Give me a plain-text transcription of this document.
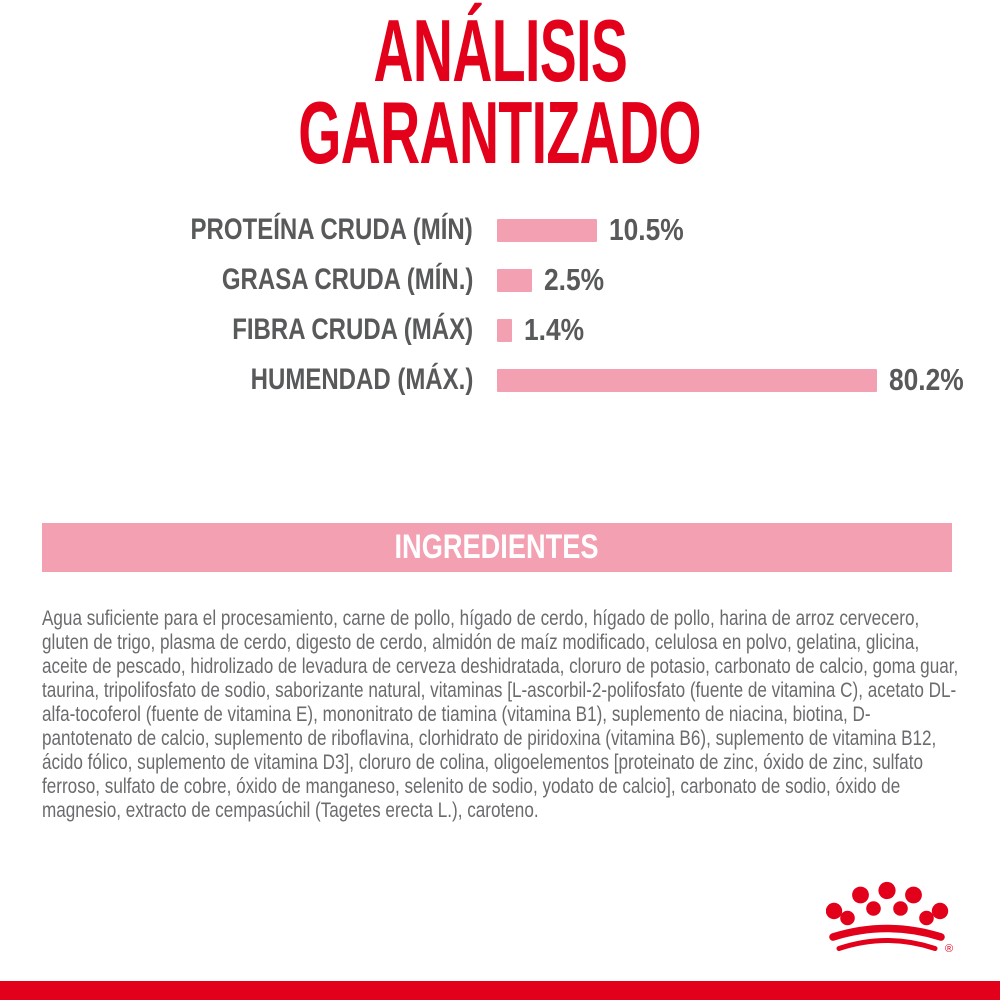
ANÁLISIS
GARANTIZADO
PROTEÍNA CRUDA (MÍN)	10.5%
GRASA CRUDA (MÍN.) 2.5%
FIBRA CRUDA (MÁX) 1.4%
HUMENDAD (MÁX.)	80.2%
INGREDIENTES

Agua suficiente para el procesamiento, carne de pollo, hígado de cerdo, hígado de pollo, harina de arroz cervecero, gluten de trigo, plasma de cerdo, digesto de cerdo, almidón de maíz modificado, celulosa en polvo, gelatina, glicina, aceite de pescado, hidrolizado de levadura de cerveza deshidratada, cloruro de potasio, carbonato de calcio, goma guar, taurina, tripolifosfato de sodio, saborizante natural, vitaminas [L-ascorbil-2-polifosfato (fuente de vitamina C), acetato DL-alfa-tocoferol (fuente de vitamina E), mononitrato de tiamina (vitamina B1), suplemento de niacina, biotina, D-pantotenato de calcio, suplemento de riboflavina, clorhidrato de piridoxina (vitamina B6), suplemento de vitamina B12, ácido fólico, suplemento de vitamina D3], cloruro de colina, oligoelementos [proteinato de zinc, óxido de zinc, sulfato ferroso, sulfato de cobre, óxido de manganeso, selenito de sodio, yodato de calcio], carbonato de sodio, óxido de magnesio, extracto de cempasúchil (Tagetes erecta L.), caroteno.

®
